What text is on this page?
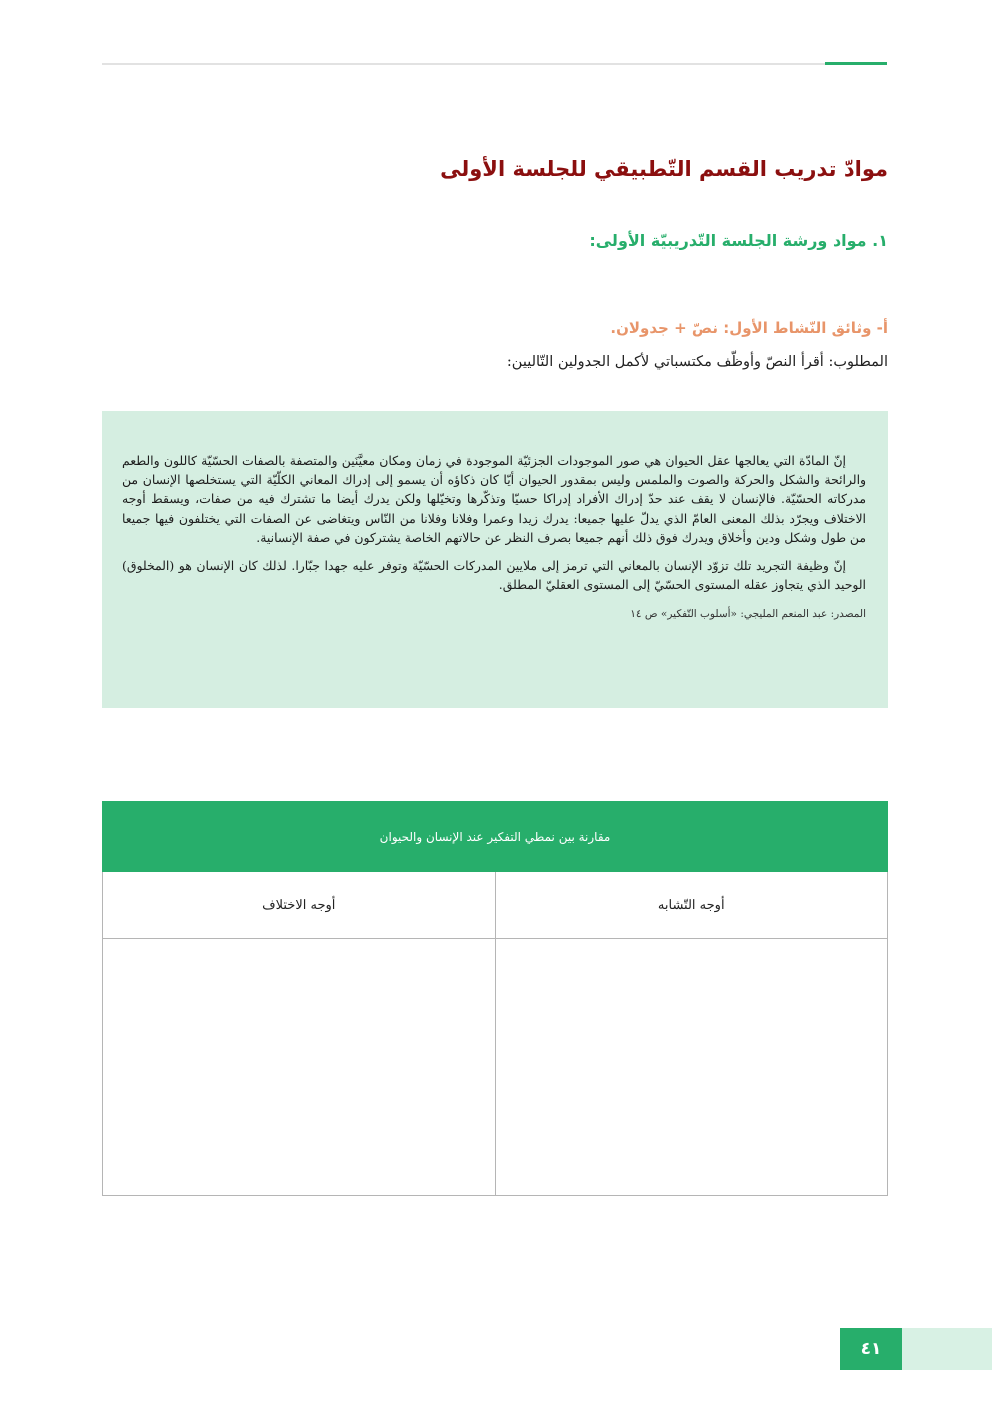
موادّ تدريب القسم التّطبيقي للجلسة الأولى
١. مواد ورشة الجلسة التّدريبيّة الأولى:
أ- وثائق النّشاط الأول: نصّ + جدولان.

المطلوب: أقرأ النصّ وأوظّف مكتسباتي لأكمل الجدولين التّاليين:

إنّ المادّة التي يعالجها عقل الحيوان هي صور الموجودات الجزئيّة الموجودة في زمان ومكان معيَّنَين والمتصفة بالصفات الحسّيّة كاللون والطعم والرائحة والشكل والحركة والصوت والملمس وليس بمقدور الحيوان أيّا كان ذكاؤه أن يسمو إلى إدراك المعاني الكلّيّة التي يستخلصها الإنسان من مدركاته الحسّيّة. فالإنسان لا يقف عند حدّ إدراك الأفراد إدراكا حسيّا وتذكّرها وتخيّلها ولكن يدرك أيضا ما تشترك فيه من صفات، ويسقط أوجه الاختلاف ويجرّد بذلك المعنى العامّ الذي يدلّ عليها جميعا: يدرك زيدا وعمرا وفلانا وفلانا من النّاس ويتغاضى عن الصفات التي يختلفون فيها جميعا من طول وشكل ودين وأخلاق ويدرك فوق ذلك أنهم جميعا بصرف النظر عن حالاتهم الخاصة يشتركون في صفة الإنسانية.

إنّ وظيفة التجريد تلك تزوّد الإنسان بالمعاني التي ترمز إلى ملايين المدركات الحسّيّة وتوفر عليه جهدا جبّارا. لذلك كان الإنسان هو (المخلوق) الوحيد الذي يتجاوز عقله المستوى الحسّيّ إلى المستوى العقليّ المطلق.

المصدر: عبد المنعم المليجي: «أسلوب التّفكير» ص ١٤
مقارنة بين نمطي التفكير عند الإنسان والحيوان	
أوجه التّشابه	أوجه الاختلاف

٤١
